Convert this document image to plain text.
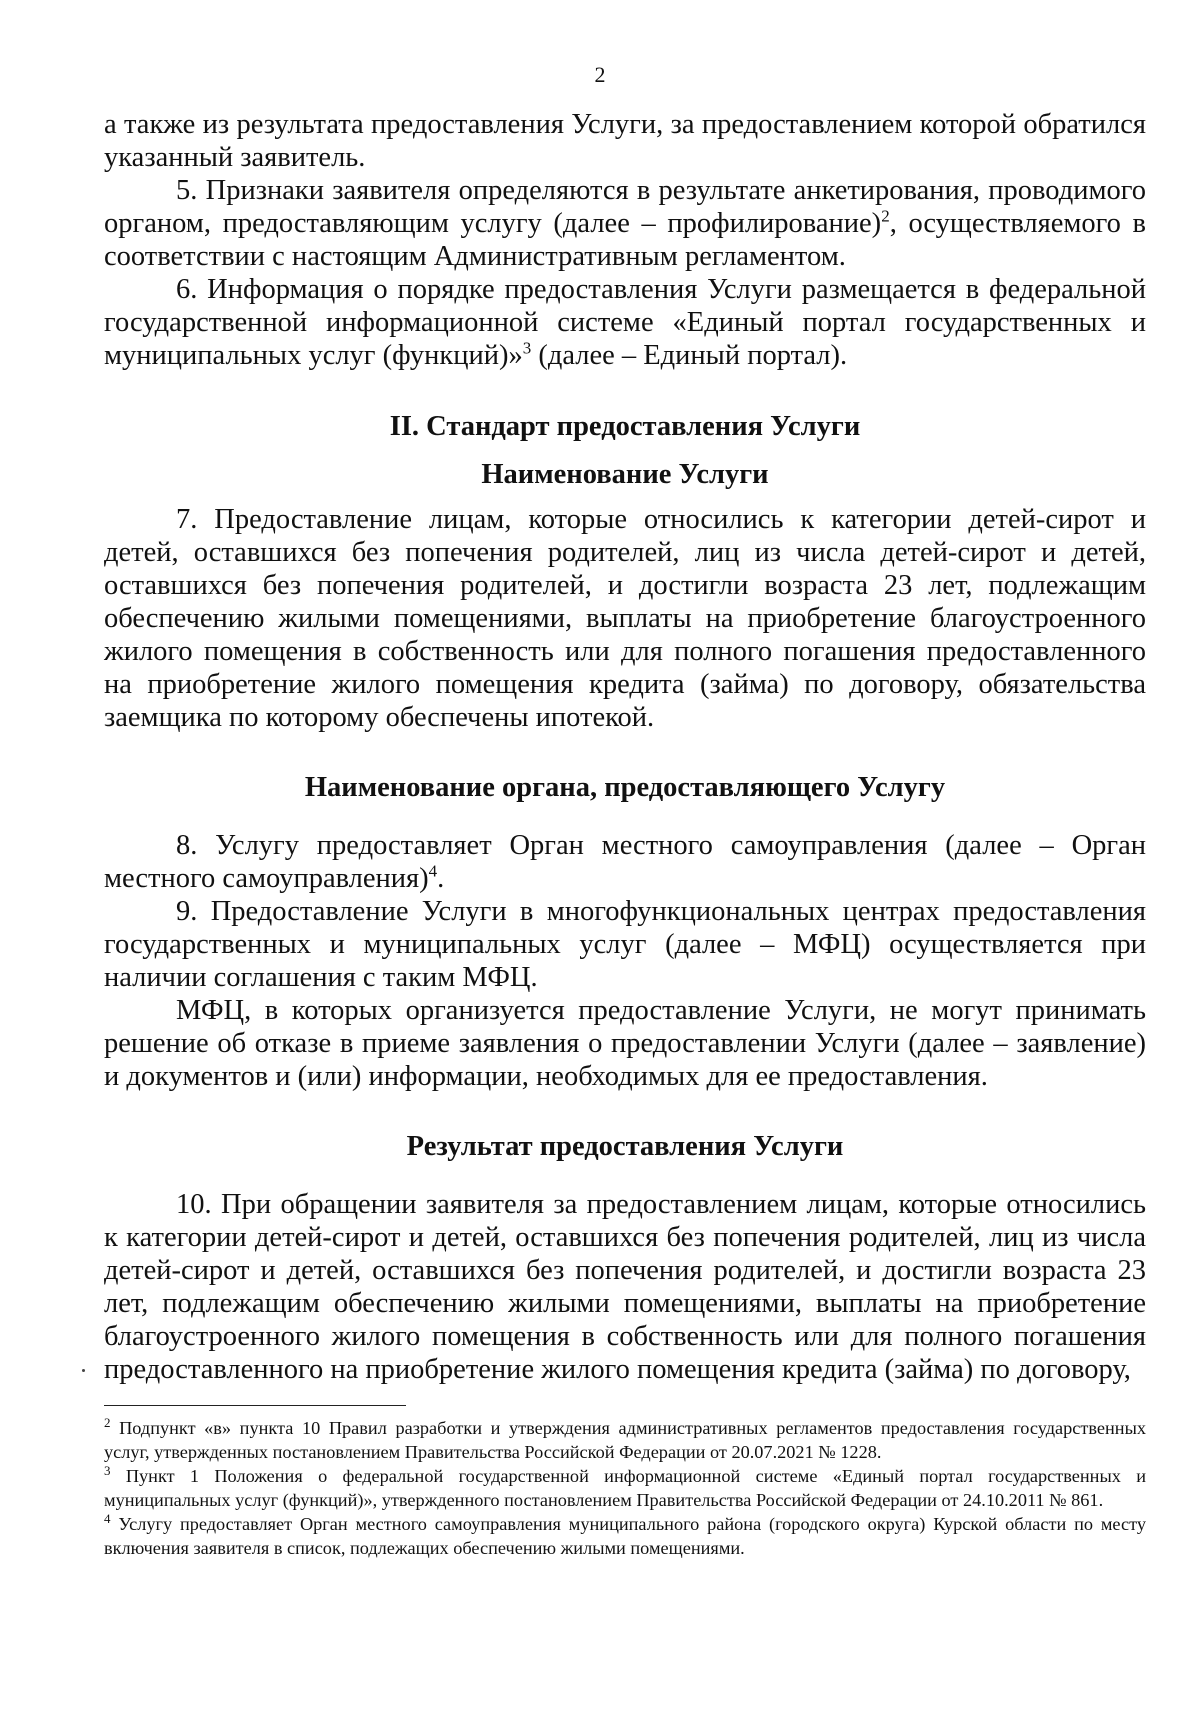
2

а также из результата предоставления Услуги, за предоставлением которой обратился указанный заявитель.

5. Признаки заявителя определяются в результате анкетирования, проводимого органом, предоставляющим услугу (далее – профилирование)$^2$, осуществляемого в соответствии с настоящим Административным регламентом.

6. Информация о порядке предоставления Услуги размещается в федеральной государственной информационной системе «Единый портал государственных и муниципальных услуг (функций)»$^3$ (далее – Единый портал).

II. Стандарт предоставления Услуги
Наименование Услуги

7. Предоставление лицам, которые относились к категории детей-сирот и детей, оставшихся без попечения родителей, лиц из числа детей-сирот и детей, оставшихся без попечения родителей, и достигли возраста 23 лет, подлежащим обеспечению жилыми помещениями, выплаты на приобретение благоустроенного жилого помещения в собственность или для полного погашения предоставленного на приобретение жилого помещения кредита (займа) по договору, обязательства заемщика по которому обеспечены ипотекой.

Наименование органа, предоставляющего Услугу

8. Услугу предоставляет Орган местного самоуправления (далее – Орган местного самоуправления)$^4$.

9. Предоставление Услуги в многофункциональных центрах предоставления государственных и муниципальных услуг (далее – МФЦ) осуществляется при наличии соглашения с таким МФЦ.

МФЦ, в которых организуется предоставление Услуги, не могут принимать решение об отказе в приеме заявления о предоставлении Услуги (далее – заявление) и документов и (или) информации, необходимых для ее предоставления.

Результат предоставления Услуги

10. При обращении заявителя за предоставлением лицам, которые относились к категории детей-сирот и детей, оставшихся без попечения родителей, лиц из числа детей-сирот и детей, оставшихся без попечения родителей, и достигли возраста 23 лет, подлежащим обеспечению жилыми помещениями, выплаты на приобретение благоустроенного жилого помещения в собственность или для полного погашения предоставленного на приобретение жилого помещения кредита (займа) по договору,

$^2$ Подпункт «в» пункта 10 Правил разработки и утверждения административных регламентов предоставления государственных услуг, утвержденных постановлением Правительства Российской Федерации от 20.07.2021 № 1228.

$^3$ Пункт 1 Положения о федеральной государственной информационной системе «Единый портал государственных и муниципальных услуг (функций)», утвержденного постановлением Правительства Российской Федерации от 24.10.2011 № 861.

$^4$ Услугу предоставляет Орган местного самоуправления муниципального района (городского округа) Курской области по месту включения заявителя в список, подлежащих обеспечению жилыми помещениями.
